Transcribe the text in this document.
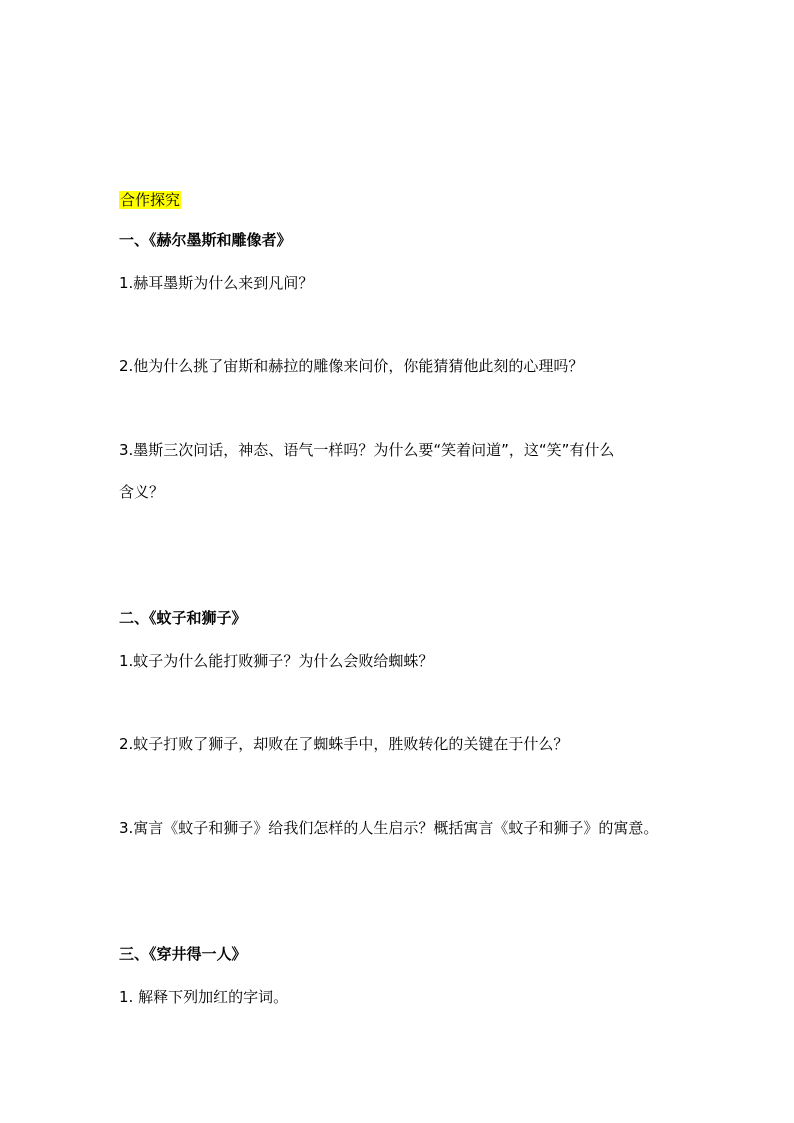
合作探究
一、《赫尔墨斯和雕像者》
1.赫耳墨斯为什么来到凡间？
2.他为什么挑了宙斯和赫拉的雕像来问价，你能猜猜他此刻的心理吗？
3.墨斯三次问话，神态、语气一样吗？为什么要“笑着问道”，这“笑”有什么
含义？
二、《蚊子和狮子》
1.蚊子为什么能打败狮子？为什么会败给蜘蛛？
2.蚊子打败了狮子，却败在了蜘蛛手中，胜败转化的关键在于什么？
3.寓言《蚊子和狮子》给我们怎样的人生启示？概括寓言《蚊子和狮子》的寓意。
三、《穿井得一人》
1. 解释下列加红的字词。
